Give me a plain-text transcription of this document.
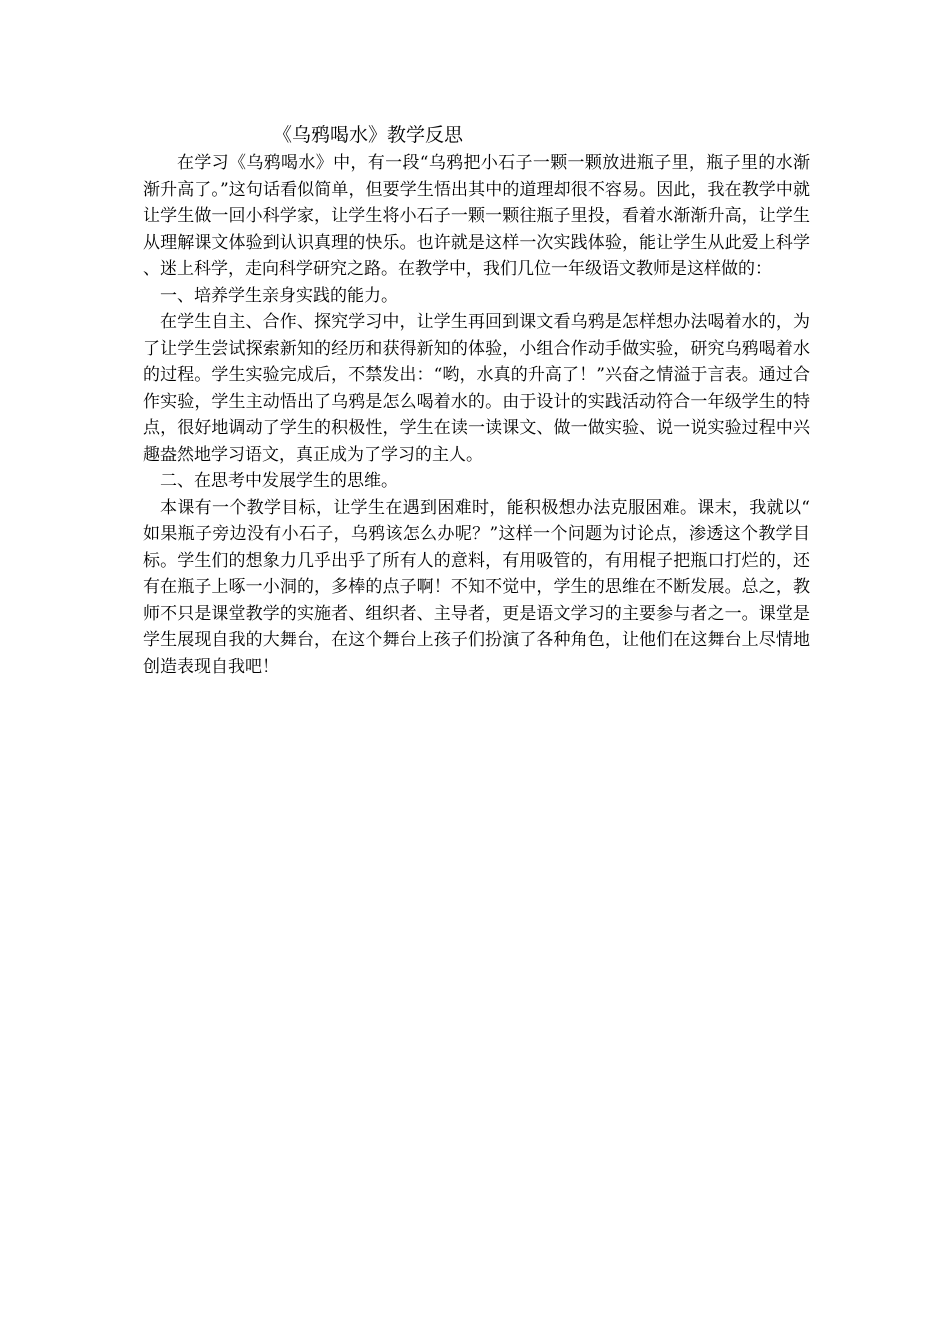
《乌鸦喝水》教学反思

在学习《乌鸦喝水》中，有一段“乌鸦把小石子一颗一颗放进瓶子里，瓶子里的水渐渐升高了。”这句话看似简单，但要学生悟出其中的道理却很不容易。因此，我在教学中就让学生做一回小科学家，让学生将小石子一颗一颗往瓶子里投，看着水渐渐升高，让学生从理解课文体验到认识真理的快乐。也许就是这样一次实践体验，能让学生从此爱上科学、迷上科学，走向科学研究之路。在教学中，我们几位一年级语文教师是这样做的：

一、培养学生亲身实践的能力。

在学生自主、合作、探究学习中，让学生再回到课文看乌鸦是怎样想办法喝着水的，为了让学生尝试探索新知的经历和获得新知的体验，小组合作动手做实验，研究乌鸦喝着水的过程。学生实验完成后，不禁发出：“哟，水真的升高了！”兴奋之情溢于言表。通过合作实验，学生主动悟出了乌鸦是怎么喝着水的。由于设计的实践活动符合一年级学生的特点，很好地调动了学生的积极性，学生在读一读课文、做一做实验、说一说实验过程中兴趣盎然地学习语文，真正成为了学习的主人。

二、在思考中发展学生的思维。

本课有一个教学目标，让学生在遇到困难时，能积极想办法克服困难。课末，我就以“如果瓶子旁边没有小石子，乌鸦该怎么办呢？”这样一个问题为讨论点，渗透这个教学目标。学生们的想象力几乎出乎了所有人的意料，有用吸管的，有用棍子把瓶口打烂的，还有在瓶子上啄一小洞的，多棒的点子啊！不知不觉中，学生的思维在不断发展。总之，教师不只是课堂教学的实施者、组织者、主导者，更是语文学习的主要参与者之一。课堂是学生展现自我的大舞台，在这个舞台上孩子们扮演了各种角色，让他们在这舞台上尽情地创造表现自我吧！
